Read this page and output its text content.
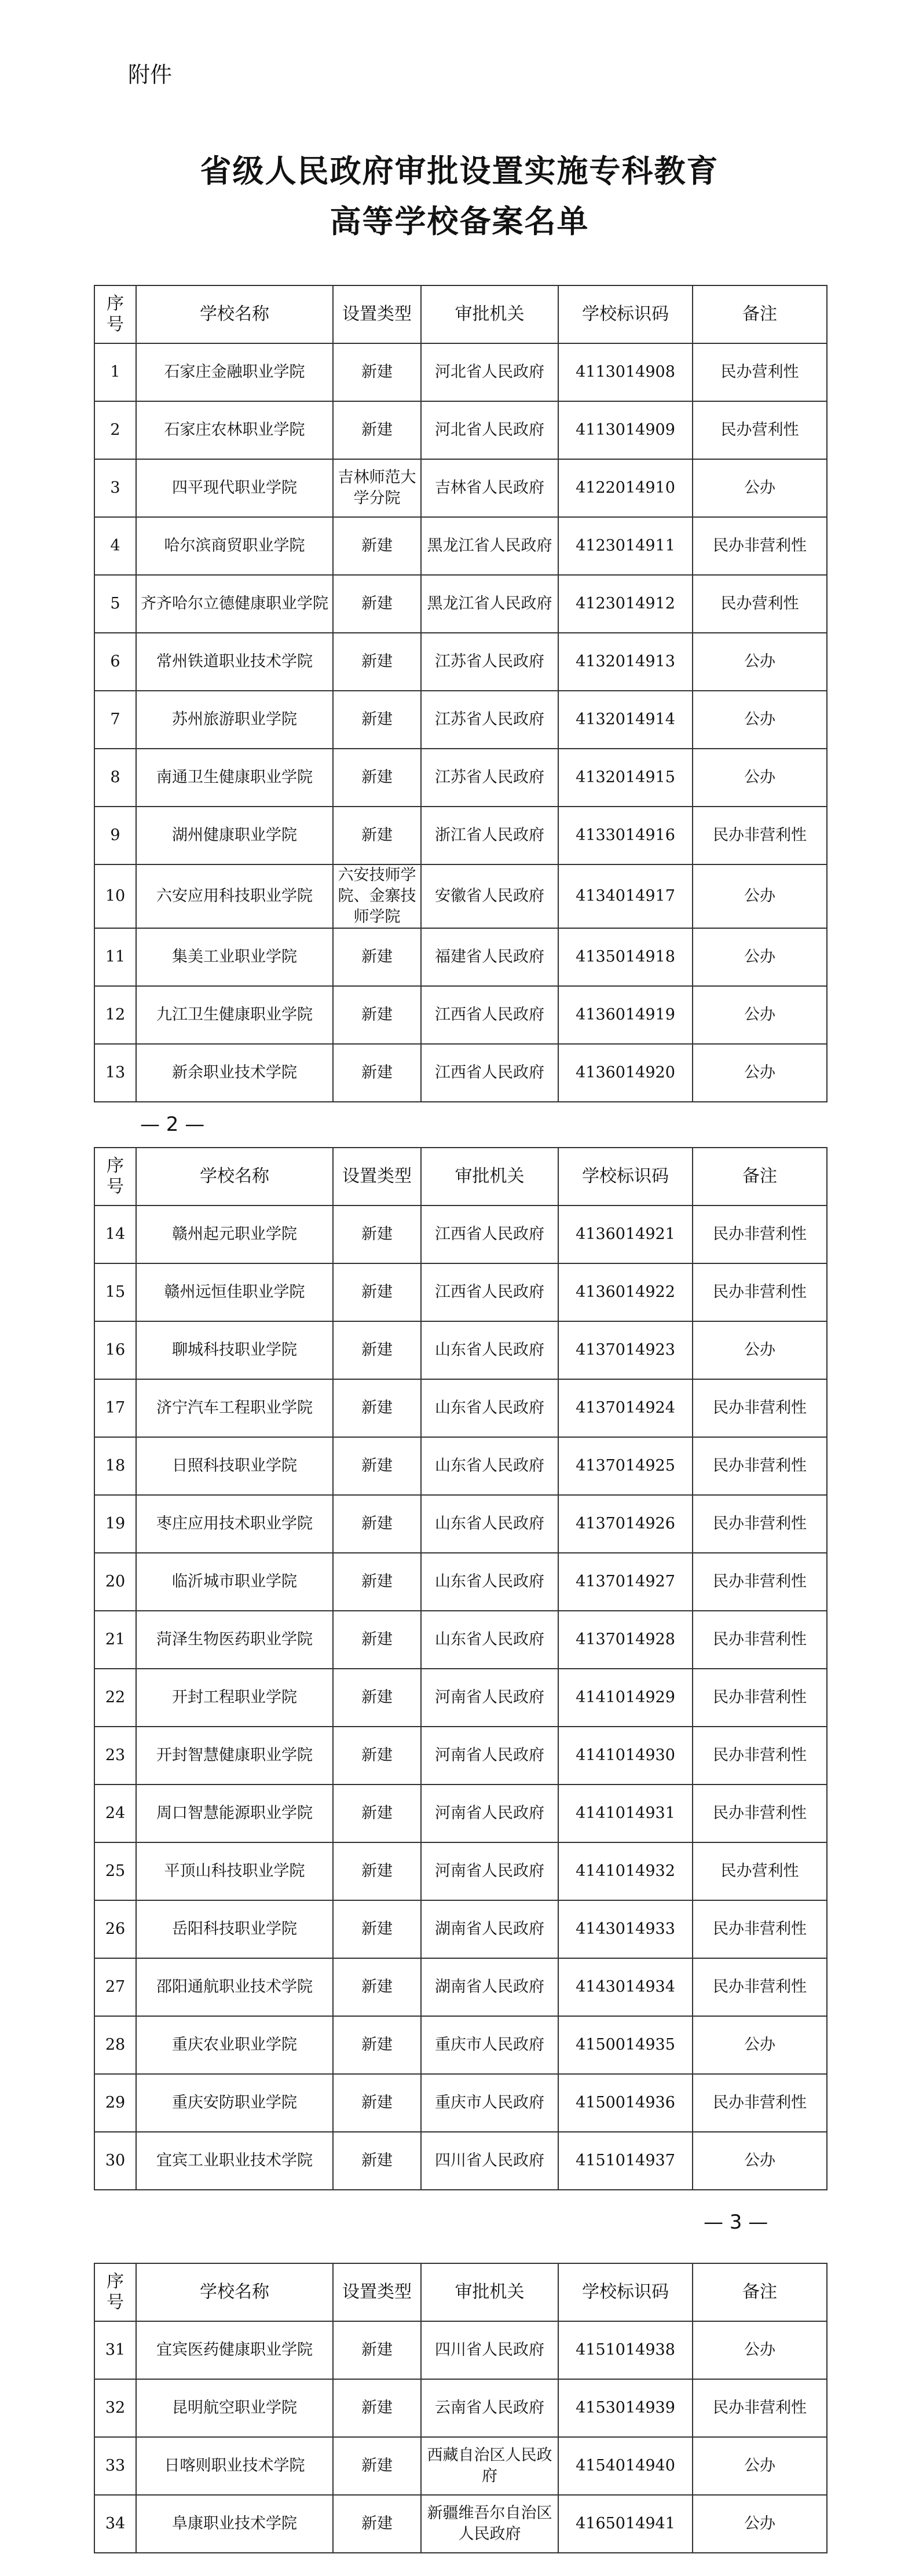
附件
省级人民政府审批设置实施专科教育
高等学校备案名单
序号	学校名称	设置类型	审批机关	学校标识码	备注
1	石家庄金融职业学院	新建	河北省人民政府	4113014908	民办营利性
2	石家庄农林职业学院	新建	河北省人民政府	4113014909	民办营利性
3	四平现代职业学院	吉林师范大学分院	吉林省人民政府	4122014910	公办
4	哈尔滨商贸职业学院	新建	黑龙江省人民政府	4123014911	民办非营利性
5	齐齐哈尔立德健康职业学院	新建	黑龙江省人民政府	4123014912	民办营利性
6	常州铁道职业技术学院	新建	江苏省人民政府	4132014913	公办
7	苏州旅游职业学院	新建	江苏省人民政府	4132014914	公办
8	南通卫生健康职业学院	新建	江苏省人民政府	4132014915	公办
9	湖州健康职业学院	新建	浙江省人民政府	4133014916	民办非营利性
10	六安应用科技职业学院	六安技师学院、金寨技师学院	安徽省人民政府	4134014917	公办
11	集美工业职业学院	新建	福建省人民政府	4135014918	公办
12	九江卫生健康职业学院	新建	江西省人民政府	4136014919	公办
13	新余职业技术学院	新建	江西省人民政府	4136014920	公办
— 2 —
序号	学校名称	设置类型	审批机关	学校标识码	备注
14	赣州起元职业学院	新建	江西省人民政府	4136014921	民办非营利性
15	赣州远恒佳职业学院	新建	江西省人民政府	4136014922	民办非营利性
16	聊城科技职业学院	新建	山东省人民政府	4137014923	公办
17	济宁汽车工程职业学院	新建	山东省人民政府	4137014924	民办非营利性
18	日照科技职业学院	新建	山东省人民政府	4137014925	民办非营利性
19	枣庄应用技术职业学院	新建	山东省人民政府	4137014926	民办非营利性
20	临沂城市职业学院	新建	山东省人民政府	4137014927	民办非营利性
21	菏泽生物医药职业学院	新建	山东省人民政府	4137014928	民办非营利性
22	开封工程职业学院	新建	河南省人民政府	4141014929	民办非营利性
23	开封智慧健康职业学院	新建	河南省人民政府	4141014930	民办非营利性
24	周口智慧能源职业学院	新建	河南省人民政府	4141014931	民办非营利性
25	平顶山科技职业学院	新建	河南省人民政府	4141014932	民办营利性
26	岳阳科技职业学院	新建	湖南省人民政府	4143014933	民办非营利性
27	邵阳通航职业技术学院	新建	湖南省人民政府	4143014934	民办非营利性
28	重庆农业职业学院	新建	重庆市人民政府	4150014935	公办
29	重庆安防职业学院	新建	重庆市人民政府	4150014936	民办非营利性
30	宜宾工业职业技术学院	新建	四川省人民政府	4151014937	公办
— 3 —
序号	学校名称	设置类型	审批机关	学校标识码	备注
31	宜宾医药健康职业学院	新建	四川省人民政府	4151014938	公办
32	昆明航空职业学院	新建	云南省人民政府	4153014939	民办非营利性
33	日喀则职业技术学院	新建	西藏自治区人民政府	4154014940	公办
34	阜康职业技术学院	新建	新疆维吾尔自治区人民政府	4165014941	公办
